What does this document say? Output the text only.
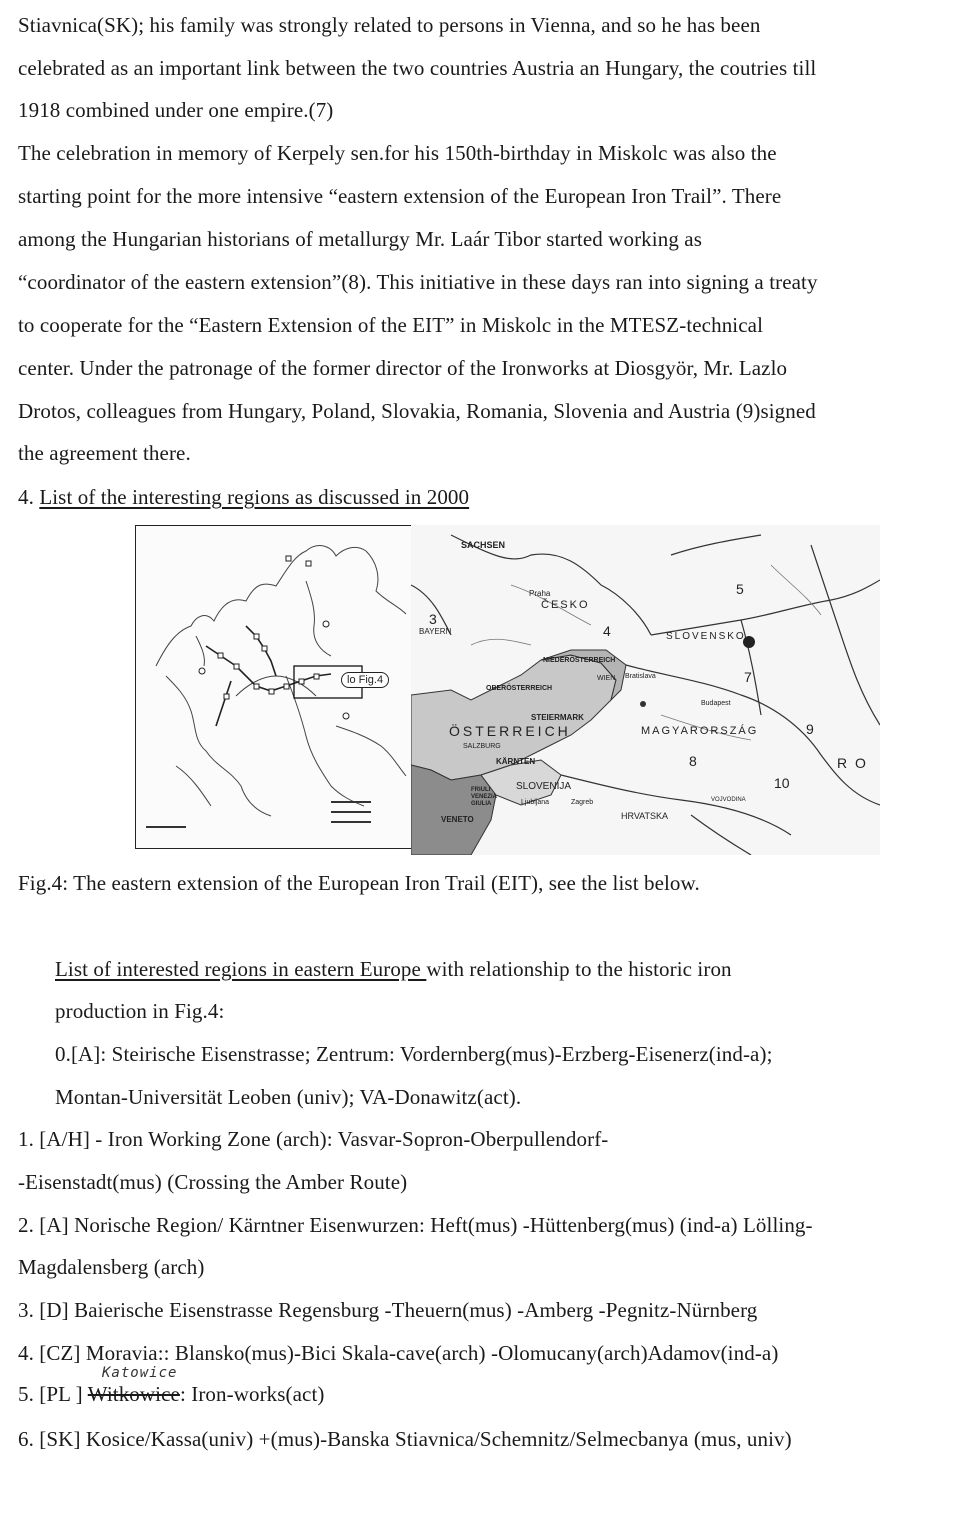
Stiavnica(SK); his family was strongly related to persons in Vienna, and so he has been
celebrated as an important link between the two countries Austria an Hungary, the coutries till
1918 combined under one empire.(7)
The celebration in memory of Kerpely sen.for his 150th-birthday in Miskolc was also the
starting point for the more intensive “eastern extension of the European Iron Trail”. There
among the Hungarian historians of metallurgy Mr. Laár Tibor started working as
“coordinator of the eastern extension”(8). This initiative in these days ran into signing a treaty
to cooperate for the “Eastern Extension of the EIT” in Miskolc in the MTESZ-technical
center. Under the patronage of the former director of the Ironworks at Diosgyör, Mr. Lazlo
Drotos, colleagues from Hungary, Poland, Slovakia, Romania, Slovenia and Austria (9)signed
the agreement there.
4. List of the interesting regions as discussed in 2000
lo Fig.4
SACHSEN
Praha
ČESKO
BAYERN	SLOVENSKO
NIEDERÖSTERREICH
OBERÖSTERREICH
WIEN Bratislava
Budapest
STEIERMARK
ÖSTERREICH
SALZBURG
MAGYARORSZÁG
KÄRNTEN
FRIULI VENEZIA GIULIA
SLOVENIJA
Ljubljana	Zagreb
HRVATSKA
VOJVODINA
VENETO
R O
3
4
5
7
8
9
10
Fig.4: The eastern extension of the European Iron Trail (EIT), see the list below.
List of interested regions in eastern Europe with relationship to the historic iron
production in Fig.4:
0.[A]: Steirische Eisenstrasse; Zentrum: Vordernberg(mus)-Erzberg-Eisenerz(ind-a);
Montan-Universität Leoben (univ); VA-Donawitz(act).
1. [A/H] - Iron Working Zone (arch): Vasvar-Sopron-Oberpullendorf-
-Eisenstadt(mus) (Crossing the Amber Route)
2. [A] Norische Region/ Kärntner Eisenwurzen: Heft(mus) -Hüttenberg(mus) (ind-a) Lölling-
Magdalensberg (arch)
3. [D] Baierische Eisenstrasse Regensburg -Theuern(mus) -Amberg -Pegnitz-Nürnberg
4. [CZ] Moravia:: Blansko(mus)-Bici Skala-cave(arch) -Olomucany(arch)Adamov(ind-a)
Katowice
5. [PL ] Witkowice: Iron-works(act)
6. [SK] Kosice/Kassa(univ) +(mus)-Banska Stiavnica/Schemnitz/Selmecbanya (mus, univ)
